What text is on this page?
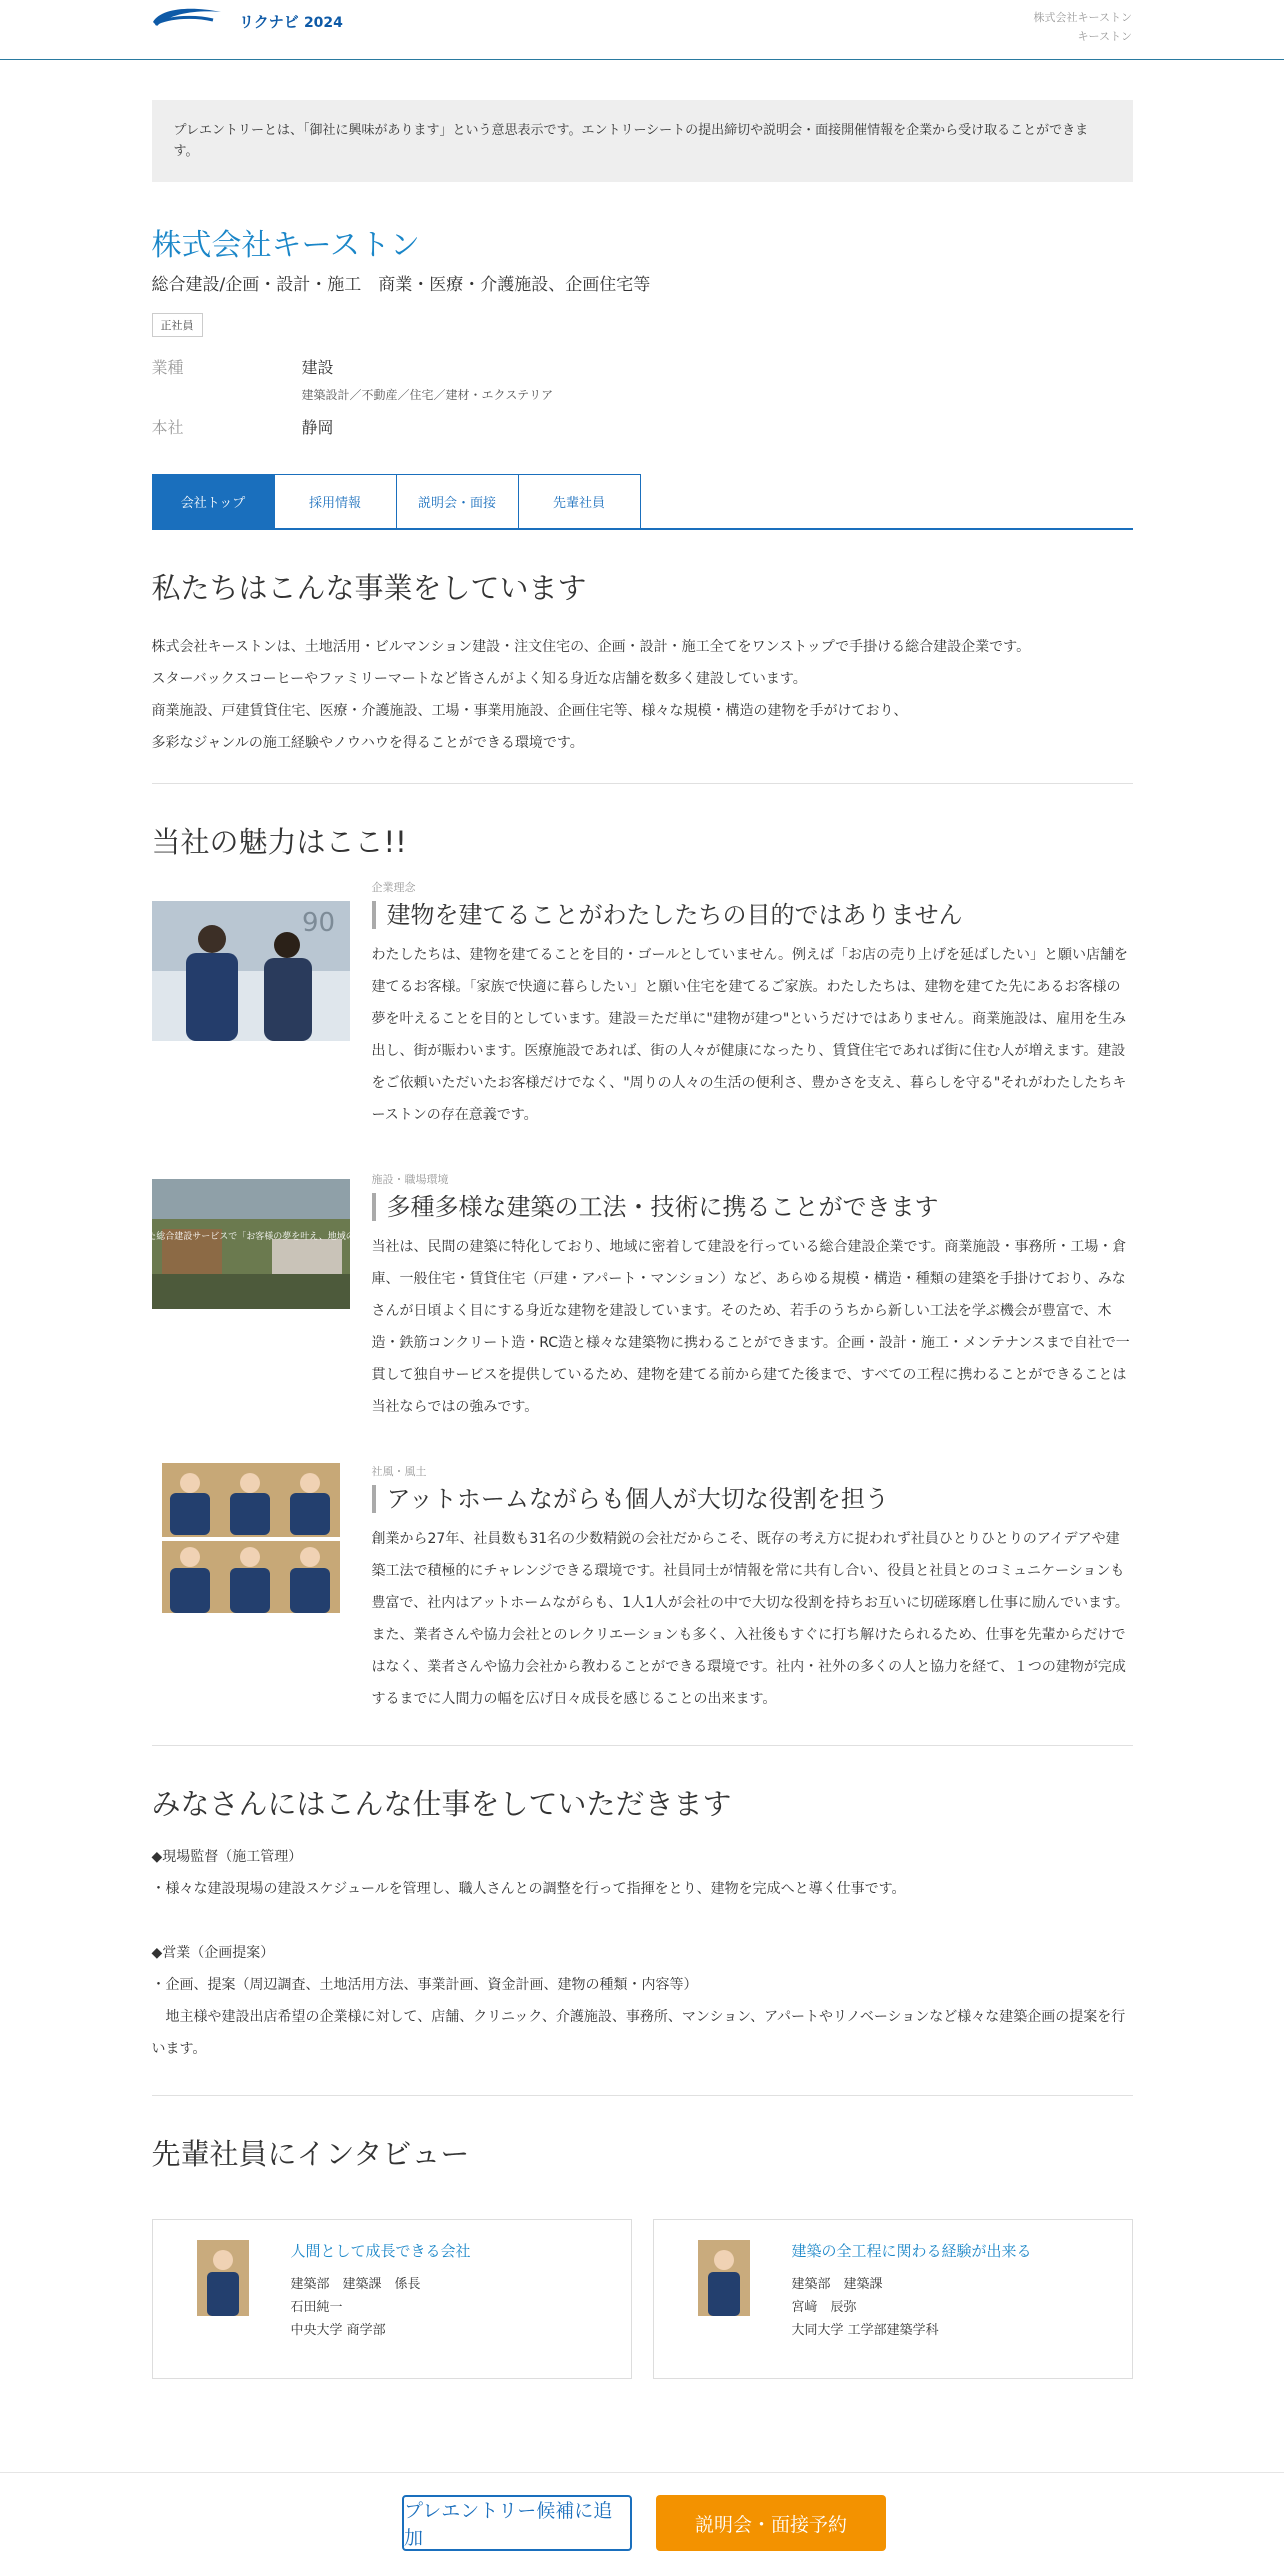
リクナビ 2024	株式会社キーストン
キーストン
プレエントリーとは、「御社に興味があります」という意思表示です。エントリーシートの提出締切や説明会・面接開催情報を企業から受け取ることができます。
株式会社キーストン
総合建設/企画・設計・施工　商業・医療・介護施設、企画住宅等
正社員
業種	建設
建築設計／不動産／住宅／建材・エクステリア
本社	静岡
会社トップ	採用情報	説明会・面接	先輩社員
私たちはこんな事業をしています
株式会社キーストンは、土地活用・ビルマンション建設・注文住宅の、企画・設計・施工全てをワンストップで手掛ける総合建設企業です。
スターバックスコーヒーやファミリーマートなど皆さんがよく知る身近な店舗を数多く建設しています。
商業施設、戸建賃貸住宅、医療・介護施設、工場・事業用施設、企画住宅等、様々な規模・構造の建物を手がけており、
多彩なジャンルの施工経験やノウハウを得ることができる環境です。
当社の魅力はここ!!
90
企業理念
建物を建てることがわたしたちの目的ではありません
わたしたちは、建物を建てることを目的・ゴールとしていません。例えば「お店の売り上げを延ばしたい」と願い店舗を建てるお客様。「家族で快適に暮らしたい」と願い住宅を建てるご家族。わたしたちは、建物を建てた先にあるお客様の夢を叶えることを目的としています。建設＝ただ単に"建物が建つ"というだけではありません。商業施設は、雇用を生み出し、街が賑わいます。医療施設であれば、街の人々が健康になったり、賃貸住宅であれば街に住む人が増えます。建設をご依頼いただいたお客様だけでなく、"周りの人々の生活の便利さ、豊かさを支え、暮らしを守る"それがわたしたちキーストンの存在意義です。
地域に密着した総合建設サービスで「お客様の夢を叶え、地域の未来を創る」
施設・職場環境
多種多様な建築の工法・技術に携ることができます
当社は、民間の建築に特化しており、地域に密着して建設を行っている総合建設企業です。商業施設・事務所・工場・倉庫、一般住宅・賃貸住宅（戸建・アパート・マンション）など、あらゆる規模・構造・種類の建築を手掛けており、みなさんが日頃よく目にする身近な建物を建設しています。そのため、若手のうちから新しい工法を学ぶ機会が豊富で、木造・鉄筋コンクリート造・RC造と様々な建築物に携わることができます。企画・設計・施工・メンテナンスまで自社で一貫して独自サービスを提供しているため、建物を建てる前から建てた後まで、すべての工程に携わることができることは当社ならではの強みです。
社風・風土
アットホームながらも個人が大切な役割を担う
創業から27年、社員数も31名の少数精鋭の会社だからこそ、既存の考え方に捉われず社員ひとりひとりのアイデアや建築工法で積極的にチャレンジできる環境です。社員同士が情報を常に共有し合い、役員と社員とのコミュニケーションも豊富で、社内はアットホームながらも、1人1人が会社の中で大切な役割を持ちお互いに切磋琢磨し仕事に励んでいます。また、業者さんや協力会社とのレクリエーションも多く、入社後もすぐに打ち解けたられるため、仕事を先輩からだけではなく、業者さんや協力会社から教わることができる環境です。社内・社外の多くの人と協力を経て、１つの建物が完成するまでに人間力の幅を広げ日々成長を感じることの出来ます。
みなさんにはこんな仕事をしていただきます
◆現場監督（施工管理）
・様々な建設現場の建設スケジュールを管理し、職人さんとの調整を行って指揮をとり、建物を完成へと導く仕事です。
◆営業（企画提案）
・企画、提案（周辺調査、土地活用方法、事業計画、資金計画、建物の種類・内容等）
　地主様や建設出店希望の企業様に対して、店舗、クリニック、介護施設、事務所、マンション、アパートやリノベーションなど様々な建築企画の提案を行います。
先輩社員にインタビュー
人間として成長できる会社
建築部　建築課　係長
石田純一
中央大学 商学部
建築の全工程に関わる経験が出来る
建築部　建築課
宮﨑　辰弥
大同大学 工学部建築学科
プレエントリー候補に追加
説明会・面接予約
